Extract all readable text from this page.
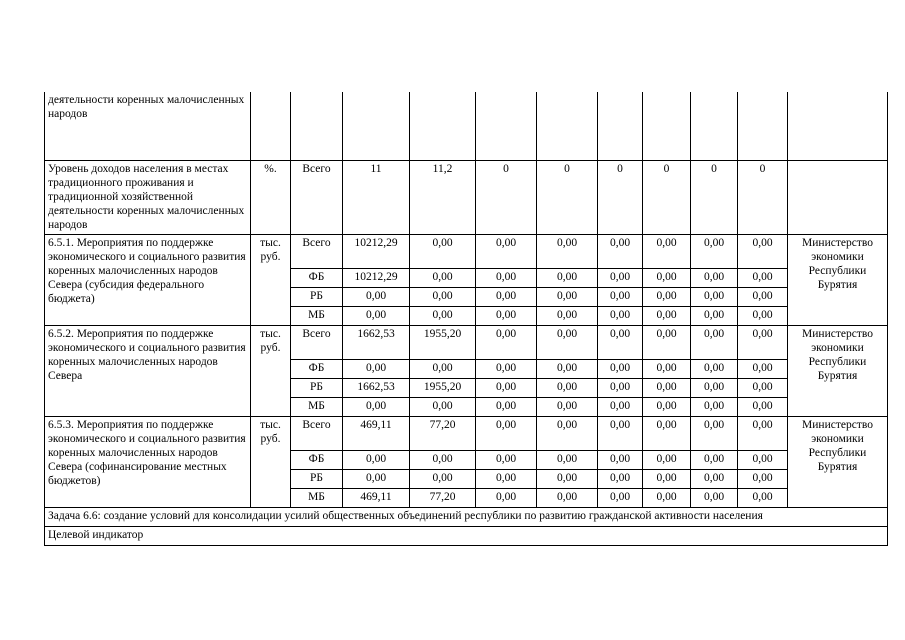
деятельности коренных малочисленных народов											
Уровень доходов населения в местах традиционного проживания и традиционной хозяйственной деятельности коренных малочисленных народов	%.	Всего	11	11,2	0	0	0	0	0	0	
6.5.1. Мероприятия по поддержке экономического и социального развития коренных малочисленных народов Севера (субсидия федерального бюджета)	тыс. руб.	Всего	10212,29	0,00	0,00	0,00	0,00	0,00	0,00	0,00	Министерство экономики Республики Бурятия
		ФБ	10212,29	0,00	0,00	0,00	0,00	0,00	0,00	0,00	
		РБ	0,00	0,00	0,00	0,00	0,00	0,00	0,00	0,00	
		МБ	0,00	0,00	0,00	0,00	0,00	0,00	0,00	0,00	
6.5.2. Мероприятия по поддержке экономического и социального развития коренных малочисленных народов Севера	тыс. руб.	Всего	1662,53	1955,20	0,00	0,00	0,00	0,00	0,00	0,00	Министерство экономики Республики Бурятия
		ФБ	0,00	0,00	0,00	0,00	0,00	0,00	0,00	0,00	
		РБ	1662,53	1955,20	0,00	0,00	0,00	0,00	0,00	0,00	
		МБ	0,00	0,00	0,00	0,00	0,00	0,00	0,00	0,00	
6.5.3. Мероприятия по поддержке экономического и социального развития коренных малочисленных народов Севера (софинансирование местных бюджетов)	тыс. руб.	Всего	469,11	77,20	0,00	0,00	0,00	0,00	0,00	0,00	Министерство экономики Республики Бурятия
		ФБ	0,00	0,00	0,00	0,00	0,00	0,00	0,00	0,00	
		РБ	0,00	0,00	0,00	0,00	0,00	0,00	0,00	0,00	
		МБ	469,11	77,20	0,00	0,00	0,00	0,00	0,00	0,00	
Задача 6.6: создание условий для консолидации усилий общественных объединений республики по развитию гражданской активности населения											
Целевой индикатор											
